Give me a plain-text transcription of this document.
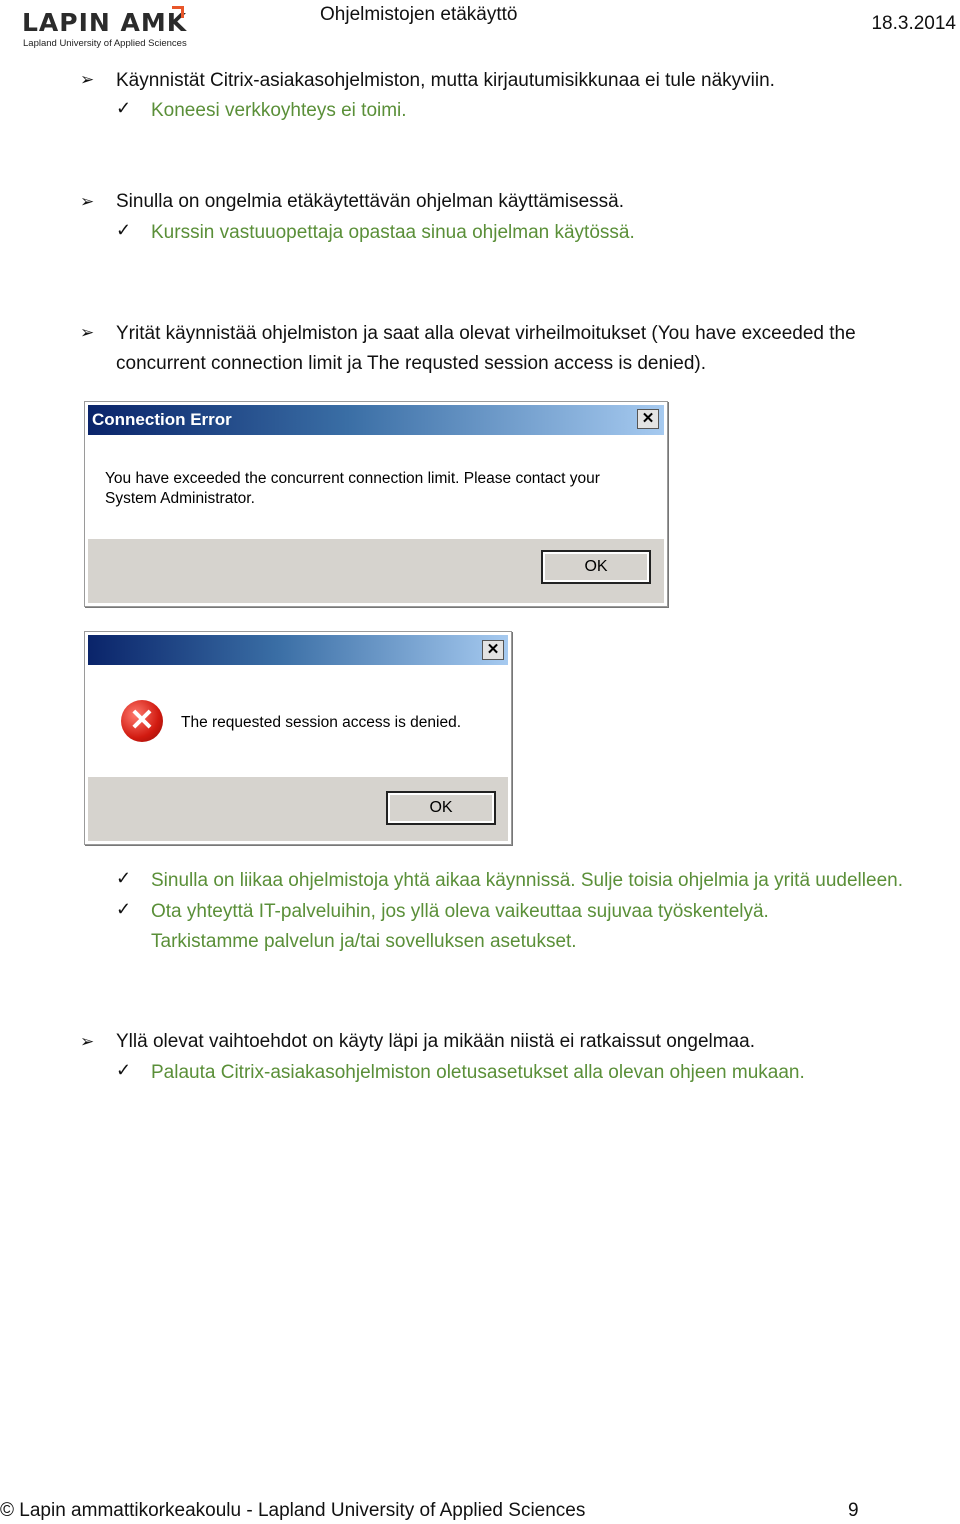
LAPIN AMK
Lapland University of Applied Sciences
Ohjelmistojen etäkäyttö	18.3.2014
➢ Käynnistät Citrix-asiakasohjelmiston, mutta kirjautumisikkunaa ei tule näkyviin.
✓ Koneesi verkkoyhteys ei toimi.
➢ Sinulla on ongelmia etäkäytettävän ohjelman käyttämisessä.
✓ Kurssin vastuuopettaja opastaa sinua ohjelman käytössä.
➢ Yrität käynnistää ohjelmiston ja saat alla olevat virheilmoitukset (You have exceeded the
concurrent connection limit ja The requsted session access is denied).
Connection Error	✕
You have exceeded the concurrent connection limit. Please contact your
System Administrator.
OK
✕
✕	The requested session access is denied.
OK
✓ Sinulla on liikaa ohjelmistoja yhtä aikaa käynnissä. Sulje toisia ohjelmia ja yritä uudelleen.
✓ Ota yhteyttä IT-palveluihin, jos yllä oleva vaikeuttaa sujuvaa työskentelyä.
Tarkistamme palvelun ja/tai sovelluksen asetukset.
➢ Yllä olevat vaihtoehdot on käyty läpi ja mikään niistä ei ratkaissut ongelmaa.
✓ Palauta Citrix-asiakasohjelmiston oletusasetukset alla olevan ohjeen mukaan.
© Lapin ammattikorkeakoulu - Lapland University of Applied Sciences	9
